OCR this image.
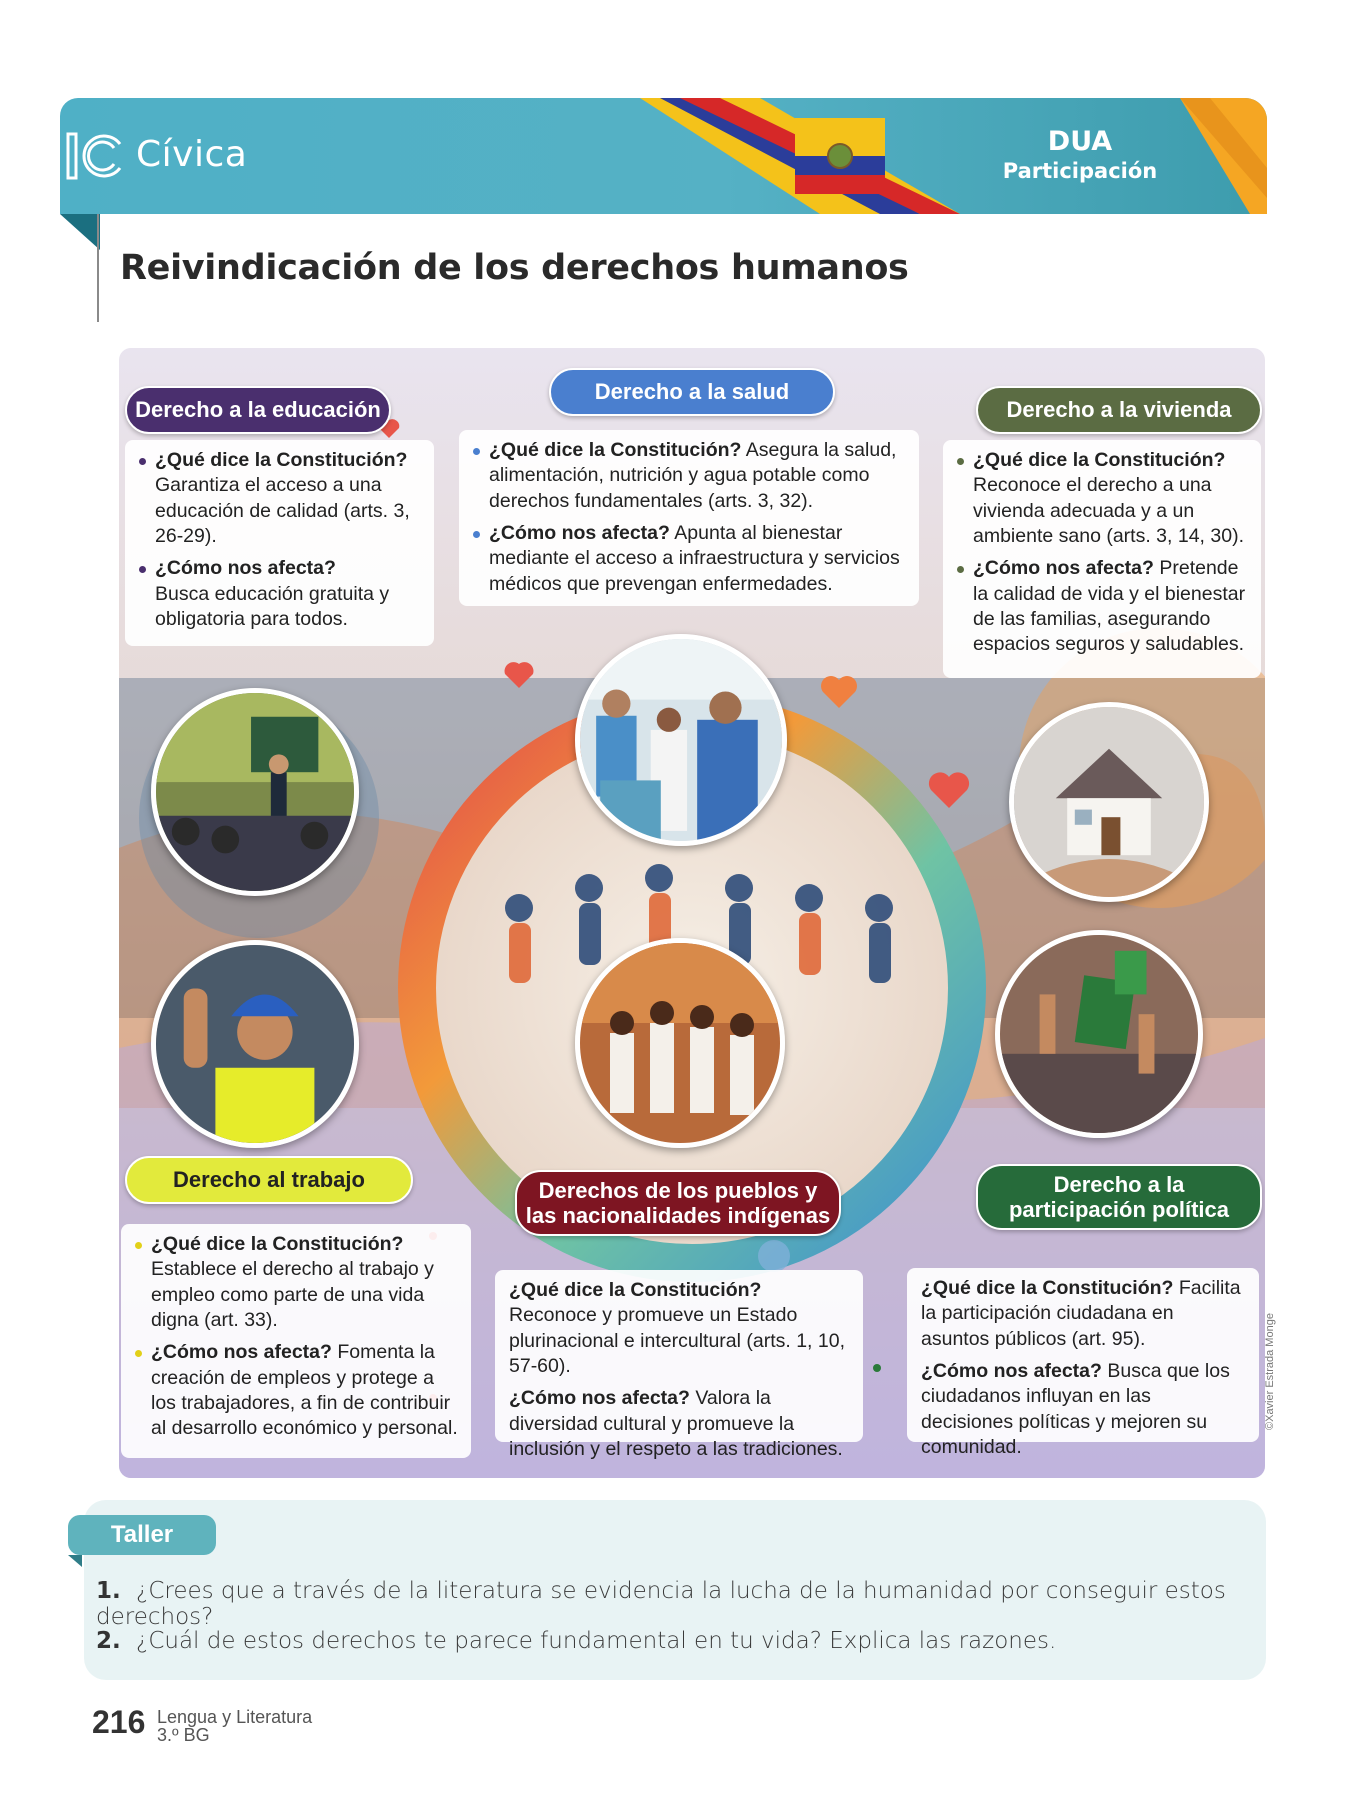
Cívica	DUA
Participación
Reivindicación de los derechos humanos
Derecho a la educación
Derecho a la salud
Derecho a la vivienda
Derecho al trabajo	Derechos de los pueblos y
las nacionalidades indígenas
Derecho a la
participación política

¿Qué dice la Constitución?
Garantiza el acceso a una educación de calidad (arts. 3, 26-29).

¿Cómo nos afecta?
Busca educación gratuita y obligatoria para todos.

¿Qué dice la Constitución? Asegura la salud, alimentación, nutrición y agua potable como derechos fundamentales (arts. 3, 32).

¿Cómo nos afecta? Apunta al bienestar mediante el acceso a infraestructura y servicios médicos que prevengan enfermedades.

¿Qué dice la Constitución?
Reconoce el derecho a una vivienda adecuada y a un ambiente sano (arts. 3, 14, 30).

¿Cómo nos afecta? Pretende la calidad de vida y el bienestar de las familias, asegurando espacios seguros y saludables.

¿Qué dice la Constitución?
Establece el derecho al trabajo y empleo como parte de una vida digna (art. 33).

¿Cómo nos afecta? Fomenta la creación de empleos y protege a los trabajadores, a fin de contribuir al desarrollo económico y personal.

¿Qué dice la Constitución? Reconoce y promueve un Estado plurinacional e intercultural (arts. 1, 10, 57-60).

¿Cómo nos afecta? Valora la diversidad cultural y promueve la inclusión y el respeto a las tradiciones.

¿Qué dice la Constitución? Facilita la participación ciudadana en asuntos públicos (art. 95).

¿Cómo nos afecta? Busca que los ciudadanos influyan en las decisiones políticas y mejoren su comunidad.

©Xavier Estrada Monge
Taller
1. ¿Crees que a través de la literatura se evidencia la lucha de la humanidad por conseguir estos derechos?
2. ¿Cuál de estos derechos te parece fundamental en tu vida? Explica las razones.
216 Lengua y Literatura
3.º BG
